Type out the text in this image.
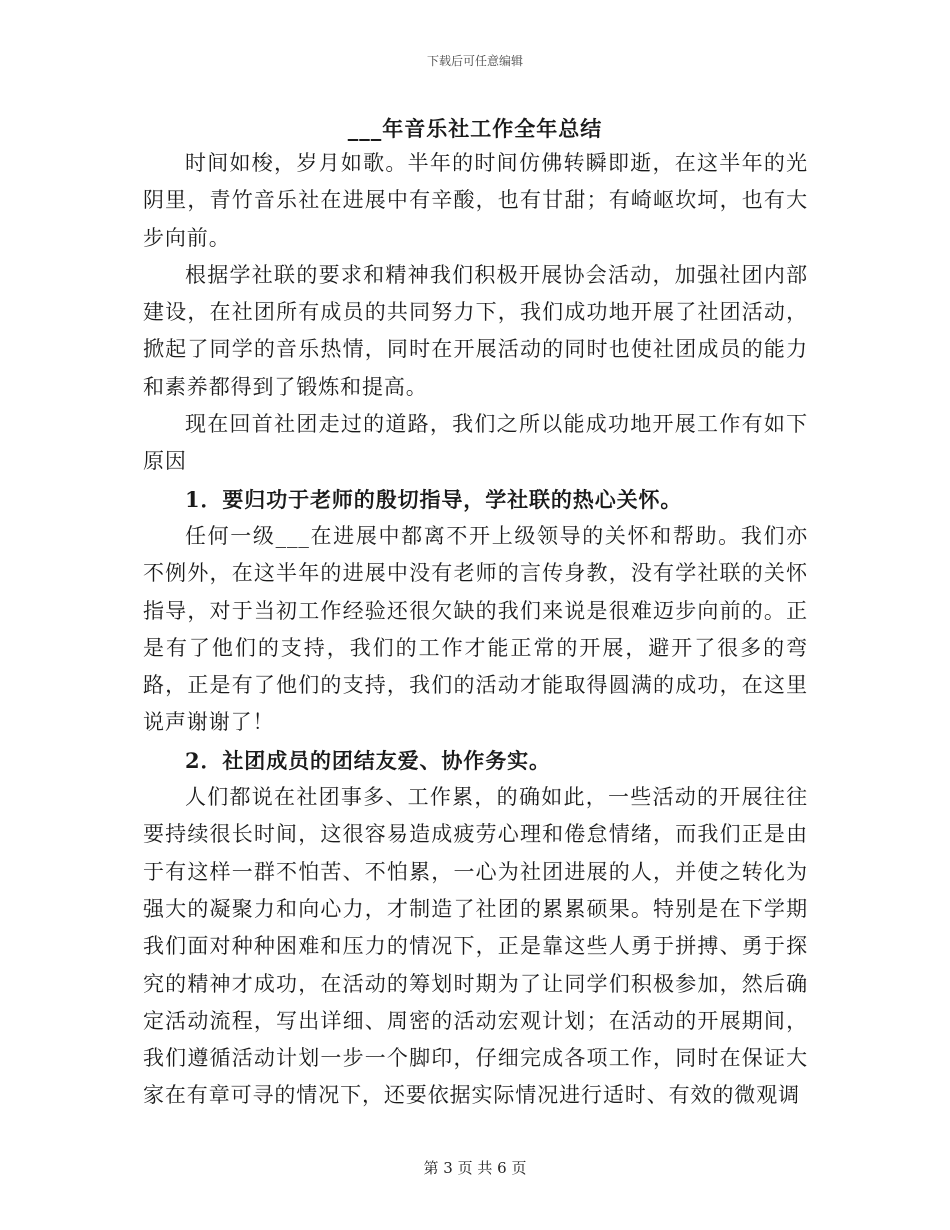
下载后可任意编辑
___年音乐社工作全年总结

时间如梭，岁月如歌。半年的时间仿佛转瞬即逝，在这半年的光阴里，青竹音乐社在进展中有辛酸，也有甘甜；有崎岖坎坷，也有大步向前。

根据学社联的要求和精神我们积极开展协会活动，加强社团内部建设，在社团所有成员的共同努力下，我们成功地开展了社团活动，掀起了同学的音乐热情，同时在开展活动的同时也使社团成员的能力和素养都得到了锻炼和提高。

现在回首社团走过的道路，我们之所以能成功地开展工作有如下原因

1．要归功于老师的殷切指导，学社联的热心关怀。

任何一级___在进展中都离不开上级领导的关怀和帮助。我们亦不例外，在这半年的进展中没有老师的言传身教，没有学社联的关怀指导，对于当初工作经验还很欠缺的我们来说是很难迈步向前的。正是有了他们的支持，我们的工作才能正常的开展，避开了很多的弯路，正是有了他们的支持，我们的活动才能取得圆满的成功，在这里说声谢谢了！

2．社团成员的团结友爱、协作务实。

人们都说在社团事多、工作累，的确如此，一些活动的开展往往要持续很长时间，这很容易造成疲劳心理和倦怠情绪，而我们正是由于有这样一群不怕苦、不怕累，一心为社团进展的人，并使之转化为强大的凝聚力和向心力，才制造了社团的累累硕果。特别是在下学期我们面对种种困难和压力的情况下，正是靠这些人勇于拼搏、勇于探究的精神才成功，在活动的筹划时期为了让同学们积极参加，然后确定活动流程，写出详细、周密的活动宏观计划；在活动的开展期间，我们遵循活动计划一步一个脚印，仔细完成各项工作，同时在保证大家在有章可寻的情况下，还要依据实际情况进行适时、有效的微观调

第 3 页 共 6 页
